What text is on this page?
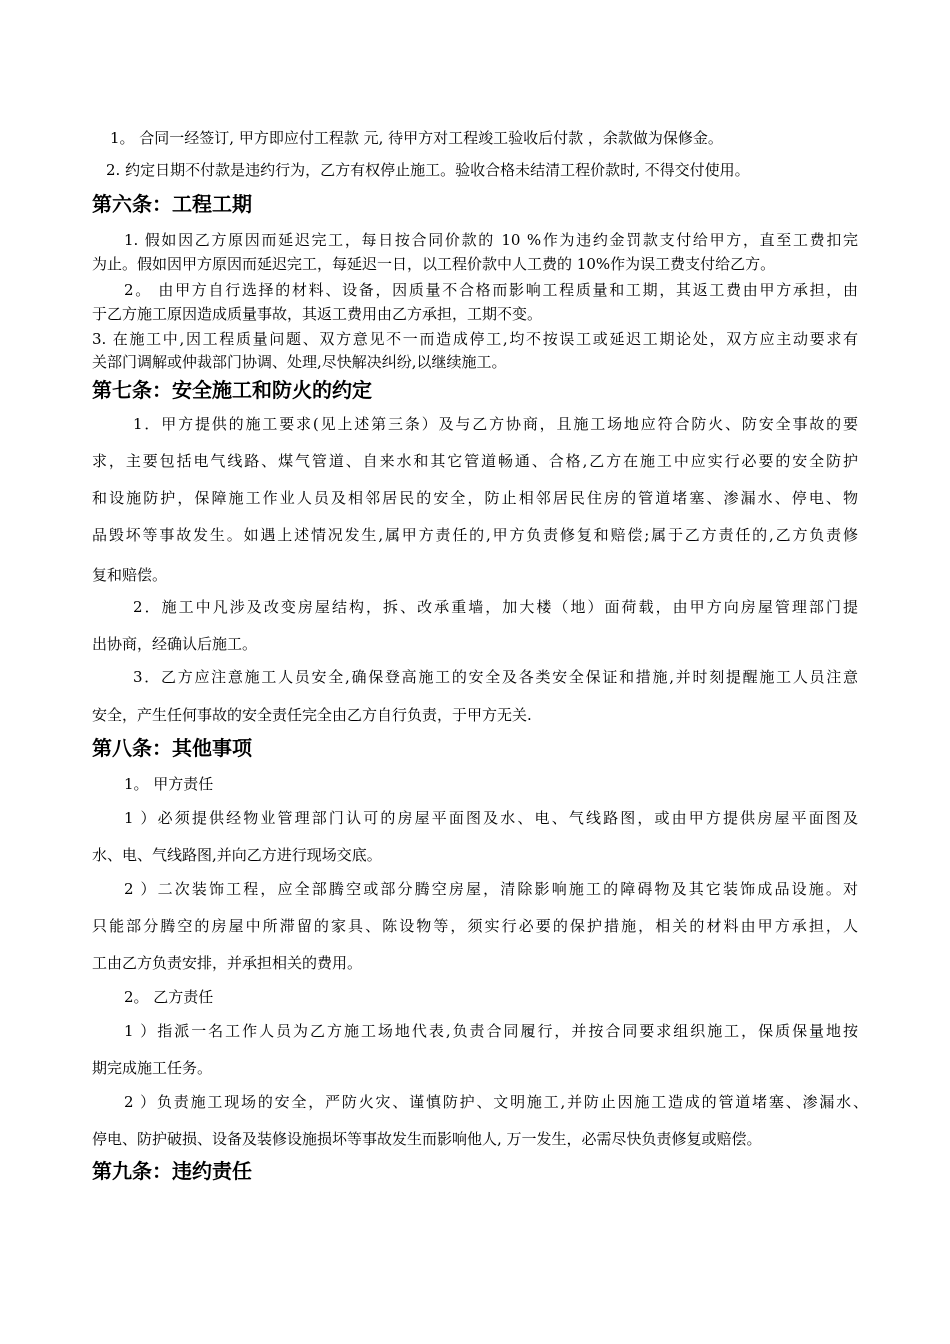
1。 合同一经签订, 甲方即应付工程款 元, 待甲方对工程竣工验收后付款 ，余款做为保修金。
2. 约定日期不付款是违约行为，乙方有权停止施工。验收合格未结清工程价款时, 不得交付使用。
第六条：工程工期
1. 假如因乙方原因而延迟完工，每日按合同价款的 10 %作为违约金罚款支付给甲方，直至工费扣完
为止。假如因甲方原因而延迟完工，每延迟一日，以工程价款中人工费的 10%作为误工费支付给乙方。
2。 由甲方自行选择的材料、设备，因质量不合格而影响工程质量和工期，其返工费由甲方承担，由
于乙方施工原因造成质量事故，其返工费用由乙方承担，工期不变。
3. 在施工中,因工程质量问题、双方意见不一而造成停工,均不按误工或延迟工期论处，双方应主动要求有
关部门调解或仲裁部门协调、处理,尽快解决纠纷,以继续施工。
第七条：安全施工和防火的约定
1．甲方提供的施工要求(见上述第三条）及与乙方协商，且施工场地应符合防火、防安全事故的要
求，主要包括电气线路、煤气管道、自来水和其它管道畅通、合格,乙方在施工中应实行必要的安全防护
和设施防护，保障施工作业人员及相邻居民的安全，防止相邻居民住房的管道堵塞、渗漏水、停电、物
品毁坏等事故发生。如遇上述情况发生,属甲方责任的,甲方负责修复和赔偿;属于乙方责任的,乙方负责修
复和赔偿。
2．施工中凡涉及改变房屋结构，拆、改承重墙，加大楼（地）面荷载，由甲方向房屋管理部门提
出协商，经确认后施工。
3．乙方应注意施工人员安全,确保登高施工的安全及各类安全保证和措施,并时刻提醒施工人员注意
安全，产生任何事故的安全责任完全由乙方自行负责，于甲方无关.
第八条：其他事项
1。 甲方责任
1 ）必须提供经物业管理部门认可的房屋平面图及水、电、气线路图，或由甲方提供房屋平面图及
水、电、气线路图,并向乙方进行现场交底。
2 ）二次装饰工程，应全部腾空或部分腾空房屋，清除影响施工的障碍物及其它装饰成品设施。对
只能部分腾空的房屋中所滞留的家具、陈设物等，须实行必要的保护措施，相关的材料由甲方承担，人
工由乙方负责安排，并承担相关的费用。
2。 乙方责任
1 ）指派一名工作人员为乙方施工场地代表,负责合同履行，并按合同要求组织施工，保质保量地按
期完成施工任务。
2 ）负责施工现场的安全，严防火灾、谨慎防护、文明施工,并防止因施工造成的管道堵塞、渗漏水、
停电、防护破损、设备及装修设施损坏等事故发生而影响他人, 万一发生，必需尽快负责修复或赔偿。
第九条：违约责任
